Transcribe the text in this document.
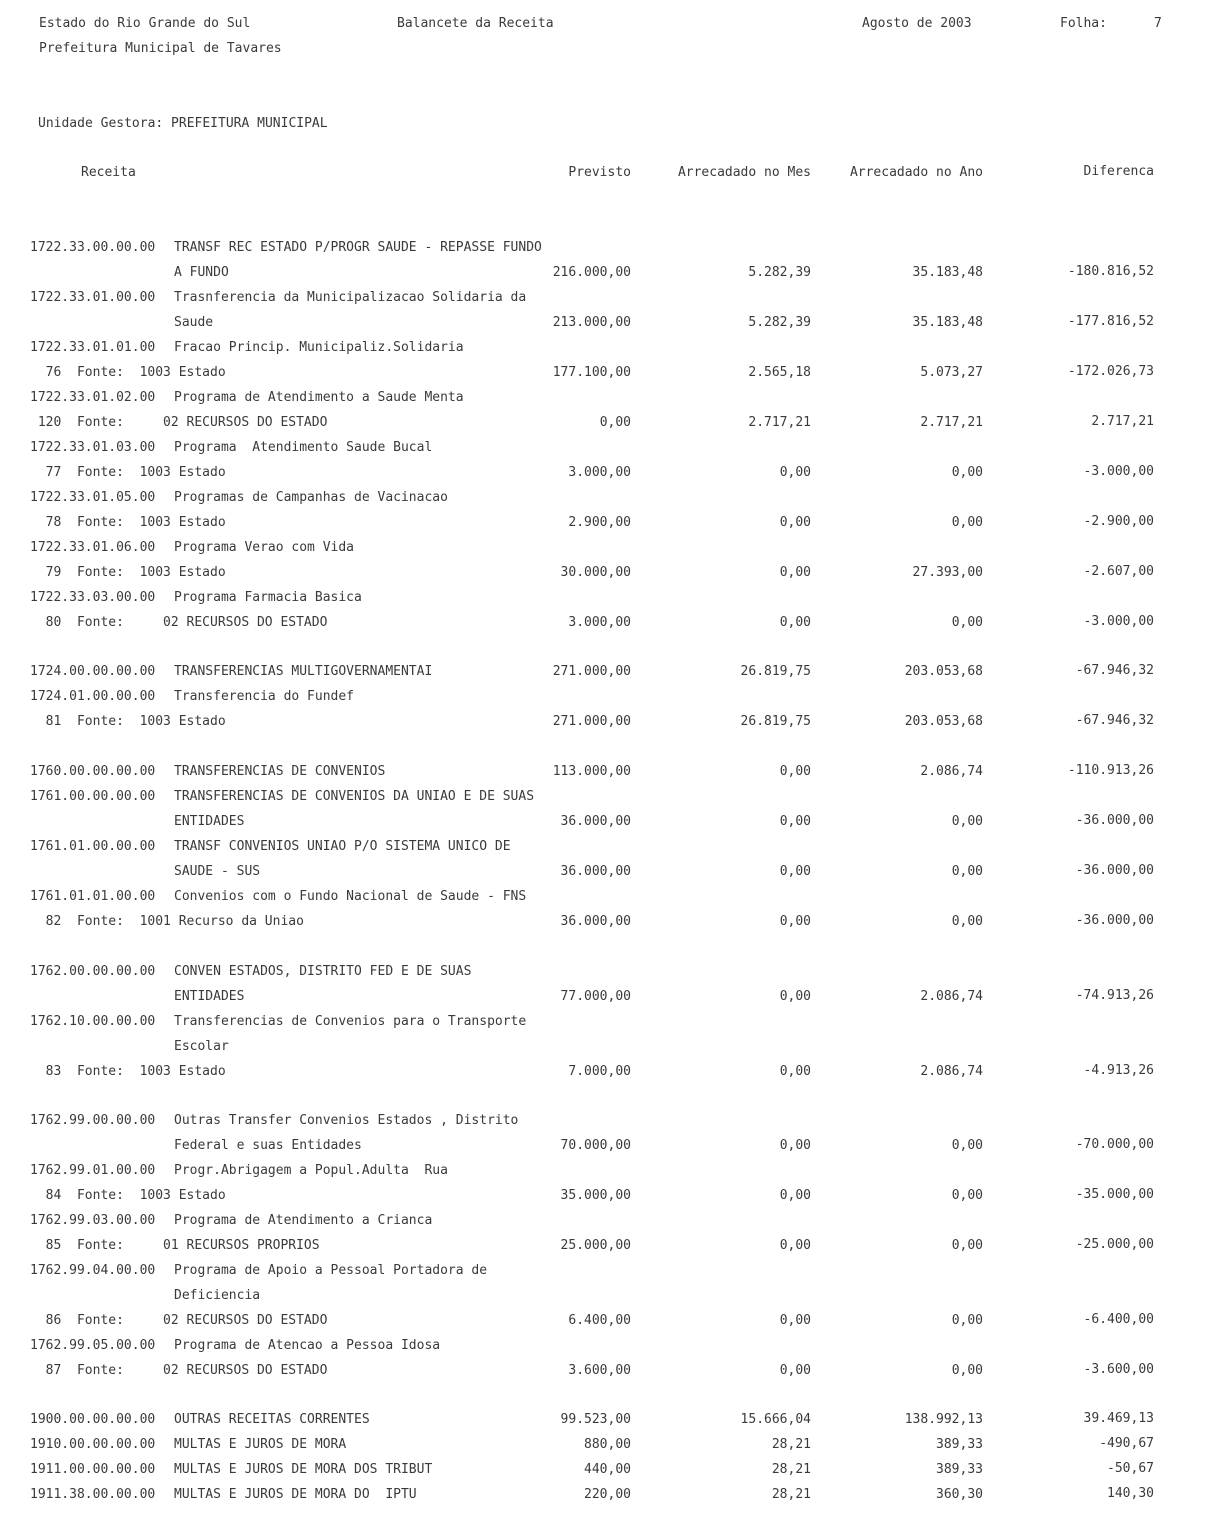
Estado do Rio Grande do Sul	Balancete da Receita	Agosto de 2003	Folha:	7
Prefeitura Municipal de Tavares
Unidade Gestora: PREFEITURA MUNICIPAL
Receita	Previsto	Arrecadado no Mes	Arrecadado no Ano	Diferenca
1722.33.00.00.00 TRANSF REC ESTADO P/PROGR SAUDE - REPASSE FUNDO
A FUNDO	216.000,00	5.282,39	35.183,48	-180.816,52
1722.33.01.00.00 Trasnferencia da Municipalizacao Solidaria da
Saude	213.000,00	5.282,39	35.183,48	-177.816,52
1722.33.01.01.00 Fracao Princip. Municipaliz.Solidaria
76  Fonte:  1003 Estado	177.100,00	2.565,18	5.073,27	-172.026,73
1722.33.01.02.00 Programa de Atendimento a Saude Menta
120  Fonte:     02 RECURSOS DO ESTADO	0,00	2.717,21	2.717,21	2.717,21
1722.33.01.03.00 Programa  Atendimento Saude Bucal
77  Fonte:  1003 Estado	3.000,00	0,00	0,00	-3.000,00
1722.33.01.05.00 Programas de Campanhas de Vacinacao
78  Fonte:  1003 Estado	2.900,00	0,00	0,00	-2.900,00
1722.33.01.06.00 Programa Verao com Vida
79  Fonte:  1003 Estado	30.000,00	0,00	27.393,00	-2.607,00
1722.33.03.00.00 Programa Farmacia Basica
80  Fonte:     02 RECURSOS DO ESTADO	3.000,00	0,00	0,00	-3.000,00
1724.00.00.00.00 TRANSFERENCIAS MULTIGOVERNAMENTAI	271.000,00	26.819,75	203.053,68	-67.946,32
1724.01.00.00.00 Transferencia do Fundef
81  Fonte:  1003 Estado	271.000,00	26.819,75	203.053,68	-67.946,32
1760.00.00.00.00 TRANSFERENCIAS DE CONVENIOS	113.000,00	0,00	2.086,74	-110.913,26
1761.00.00.00.00 TRANSFERENCIAS DE CONVENIOS DA UNIAO E DE SUAS
ENTIDADES	36.000,00	0,00	0,00	-36.000,00
1761.01.00.00.00 TRANSF CONVENIOS UNIAO P/O SISTEMA UNICO DE
SAUDE - SUS	36.000,00	0,00	0,00	-36.000,00
1761.01.01.00.00 Convenios com o Fundo Nacional de Saude - FNS
82  Fonte:  1001 Recurso da Uniao	36.000,00	0,00	0,00	-36.000,00
1762.00.00.00.00 CONVEN ESTADOS, DISTRITO FED E DE SUAS
ENTIDADES	77.000,00	0,00	2.086,74	-74.913,26
1762.10.00.00.00 Transferencias de Convenios para o Transporte
Escolar
83  Fonte:  1003 Estado	7.000,00	0,00	2.086,74	-4.913,26
1762.99.00.00.00 Outras Transfer Convenios Estados , Distrito
Federal e suas Entidades	70.000,00	0,00	0,00	-70.000,00
1762.99.01.00.00 Progr.Abrigagem a Popul.Adulta  Rua
84  Fonte:  1003 Estado	35.000,00	0,00	0,00	-35.000,00
1762.99.03.00.00 Programa de Atendimento a Crianca
85  Fonte:     01 RECURSOS PROPRIOS	25.000,00	0,00	0,00	-25.000,00
1762.99.04.00.00 Programa de Apoio a Pessoal Portadora de
Deficiencia
86  Fonte:     02 RECURSOS DO ESTADO	6.400,00	0,00	0,00	-6.400,00
1762.99.05.00.00 Programa de Atencao a Pessoa Idosa
87  Fonte:     02 RECURSOS DO ESTADO	3.600,00	0,00	0,00	-3.600,00
1900.00.00.00.00 OUTRAS RECEITAS CORRENTES	99.523,00	15.666,04	138.992,13	39.469,13
1910.00.00.00.00 MULTAS E JUROS DE MORA	880,00	28,21	389,33	-490,67
1911.00.00.00.00 MULTAS E JUROS DE MORA DOS TRIBUT	440,00	28,21	389,33	-50,67
1911.38.00.00.00 MULTAS E JUROS DE MORA DO  IPTU	220,00	28,21	360,30	140,30
